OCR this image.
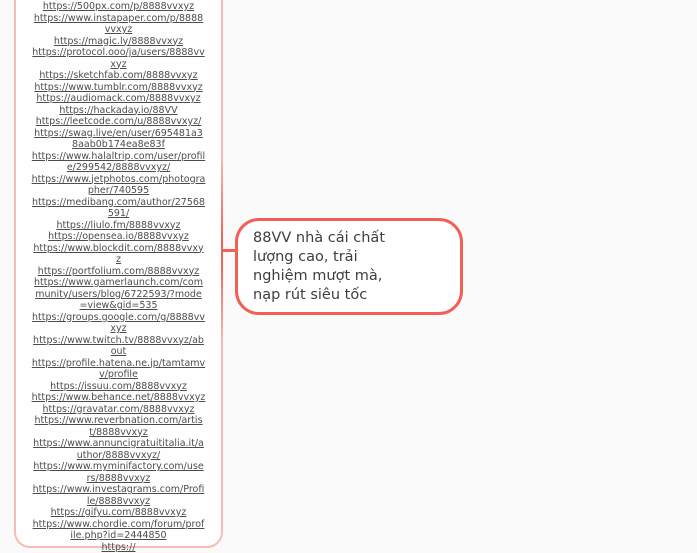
https://500px.com/p/8888vvxyz
https://www.instapaper.com/p/8888vvxyz
https://magic.ly/8888vvxyz
https://protocol.ooo/ja/users/8888vvxyz
https://sketchfab.com/8888vvxyz
https://www.tumblr.com/8888vvxyz
https://audiomack.com/8888vvxyz
https://hackaday.io/88VV
https://leetcode.com/u/8888vvxyz/
https://swag.live/en/user/695481a38aab0b174ea8e83f
https://www.halaltrip.com/user/profile/299542/8888vvxyz/
https://www.jetphotos.com/photographer/740595
https://medibang.com/author/27568591/
https://liulo.fm/8888vvxyz
https://opensea.io/8888vvxyz
https://www.blockdit.com/8888vvxyz
https://portfolium.com/8888vvxyz
https://www.gamerlaunch.com/community/users/blog/6722593/?mode=view&gid=535
https://groups.google.com/g/8888vvxyz
https://www.twitch.tv/8888vvxyz/about
https://profile.hatena.ne.jp/tamtamvv/profile
https://issuu.com/8888vvxyz
https://www.behance.net/8888vvxyz
https://gravatar.com/8888vvxyz
https://www.reverbnation.com/artist/8888vvxyz
https://www.annuncigratuititalia.it/author/8888vvxyz/
https://www.myminifactory.com/users/8888vvxyz
https://www.investagrams.com/Profile/8888vvxyz
https://gifyu.com/8888vvxyz
https://www.chordie.com/forum/profile.php?id=2444850
https://

88VV nhà cái chất lượng cao, trải nghiệm mượt mà, nạp rút siêu tốc
